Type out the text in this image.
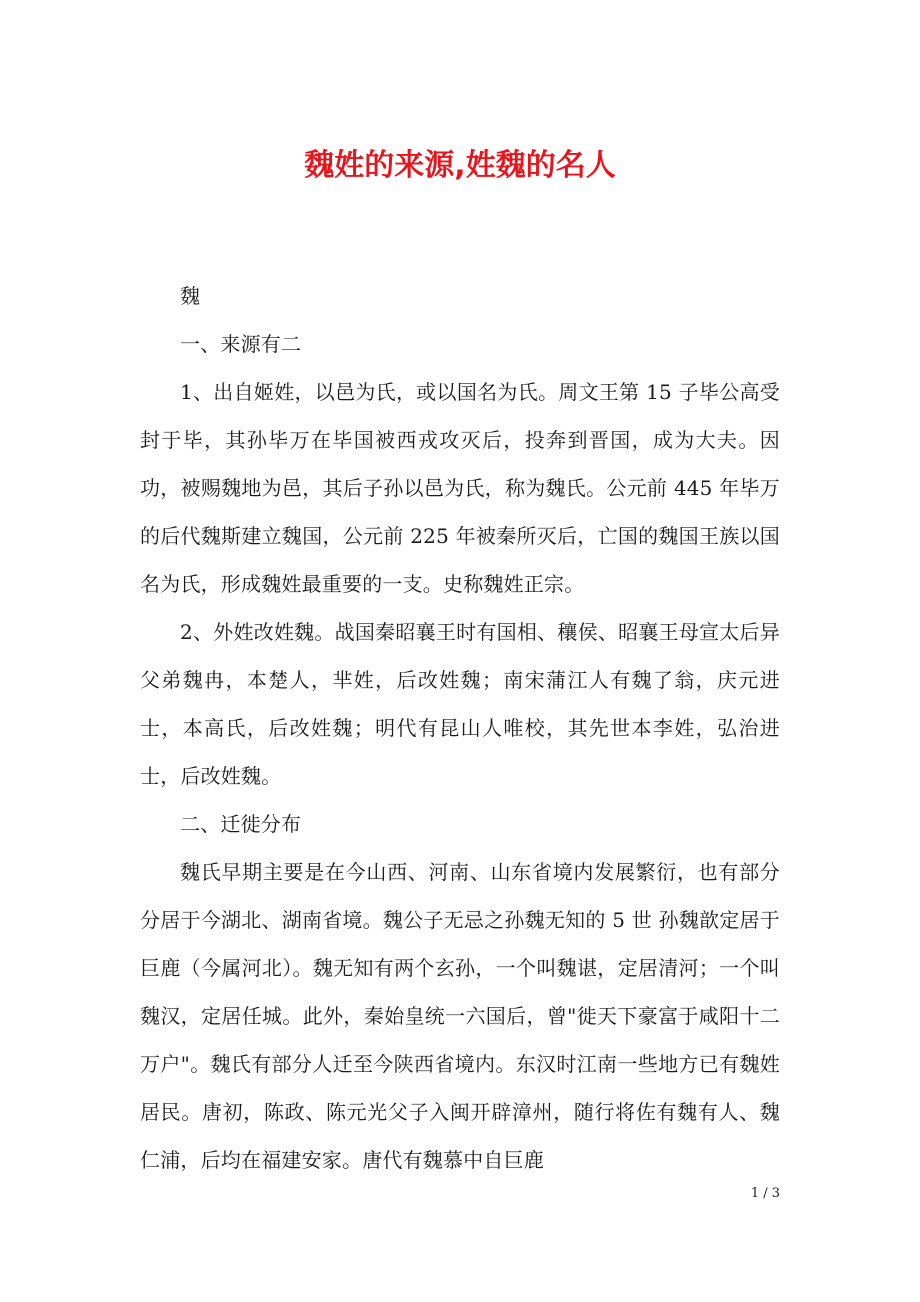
魏姓的来源,姓魏的名人

魏

一、来源有二

1、出自姬姓，以邑为氏，或以国名为氏。周文王第 15 子毕公高受封于毕，其孙毕万在毕国被西戎攻灭后，投奔到晋国，成为大夫。因功，被赐魏地为邑，其后子孙以邑为氏，称为魏氏。公元前 445 年毕万的后代魏斯建立魏国，公元前 225 年被秦所灭后，亡国的魏国王族以国名为氏，形成魏姓最重要的一支。史称魏姓正宗。

2、外姓改姓魏。战国秦昭襄王时有国相、穰侯、昭襄王母宣太后异父弟魏冉，本楚人，芈姓，后改姓魏；南宋蒲江人有魏了翁，庆元进士，本高氏，后改姓魏；明代有昆山人唯校，其先世本李姓，弘治进士，后改姓魏。

二、迁徙分布

魏氏早期主要是在今山西、河南、山东省境内发展繁衍，也有部分分居于今湖北、湖南省境。魏公子无忌之孙魏无知的 5 世 孙魏歆定居于巨鹿（今属河北）。魏无知有两个玄孙，一个叫魏谌，定居清河；一个叫魏汉，定居任城。此外，秦始皇统一六国后，曾"徙天下豪富于咸阳十二万户"。魏氏有部分人迁至今陕西省境内。东汉时江南一些地方已有魏姓居民。唐初，陈政、陈元光父子入闽开辟漳州，随行将佐有魏有人、魏仁浦，后均在福建安家。唐代有魏慕中自巨鹿

1 / 3
